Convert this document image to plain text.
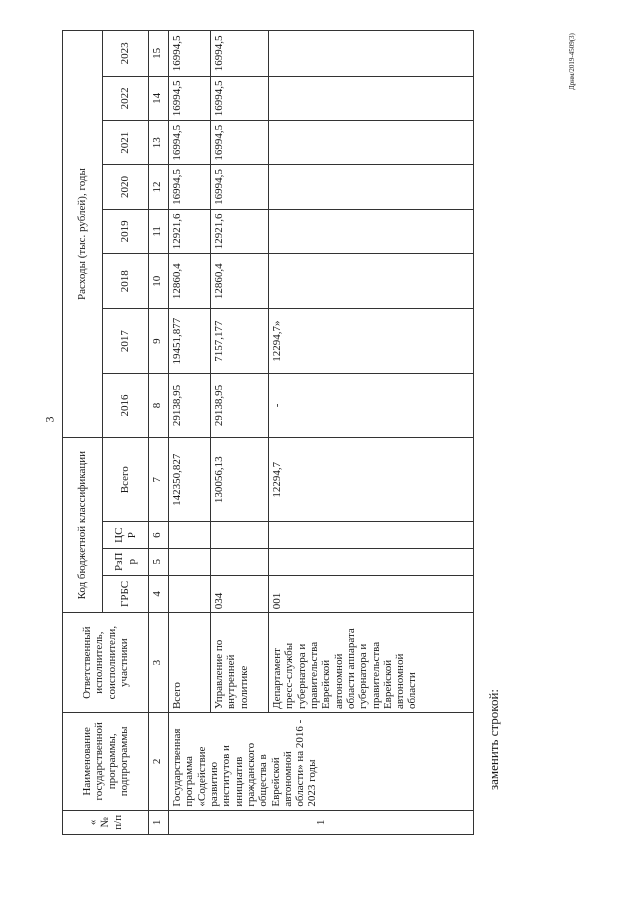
3
Дрнм/2019-4509(3)
« № п/п	Наименование государственной программы, подпрограммы	Ответственный исполнитель, соисполнители, участники	Код бюджетной классификации				Расходы (тыс. рублей), годы							
			ГРБС	РзПр	ЦСР	Всего	2016	2017	2018	2019	2020	2021	2022	2023
1	2	3	4	5	6	7	8	9	10	11	12	13	14	15
1	Государственная программа «Содействие развитию институтов и инициатив гражданского общества в Еврейской автономной области» на 2016 - 2023 годы	Всего				142350,827	29138,95	19451,877	12860,4	12921,6	16994,5	16994,5	16994,5	16994,5
		Управление по внутренней политике	034			130056,13	29138,95	7157,177	12860,4	12921,6	16994,5	16994,5	16994,5	16994,5
		Департамент пресс-службы губернатора и правительства Еврейской автономной области аппарата губернатора и правительства Еврейской автономной области	001			12294,7	-	12294,7»						
заменить строкой:
